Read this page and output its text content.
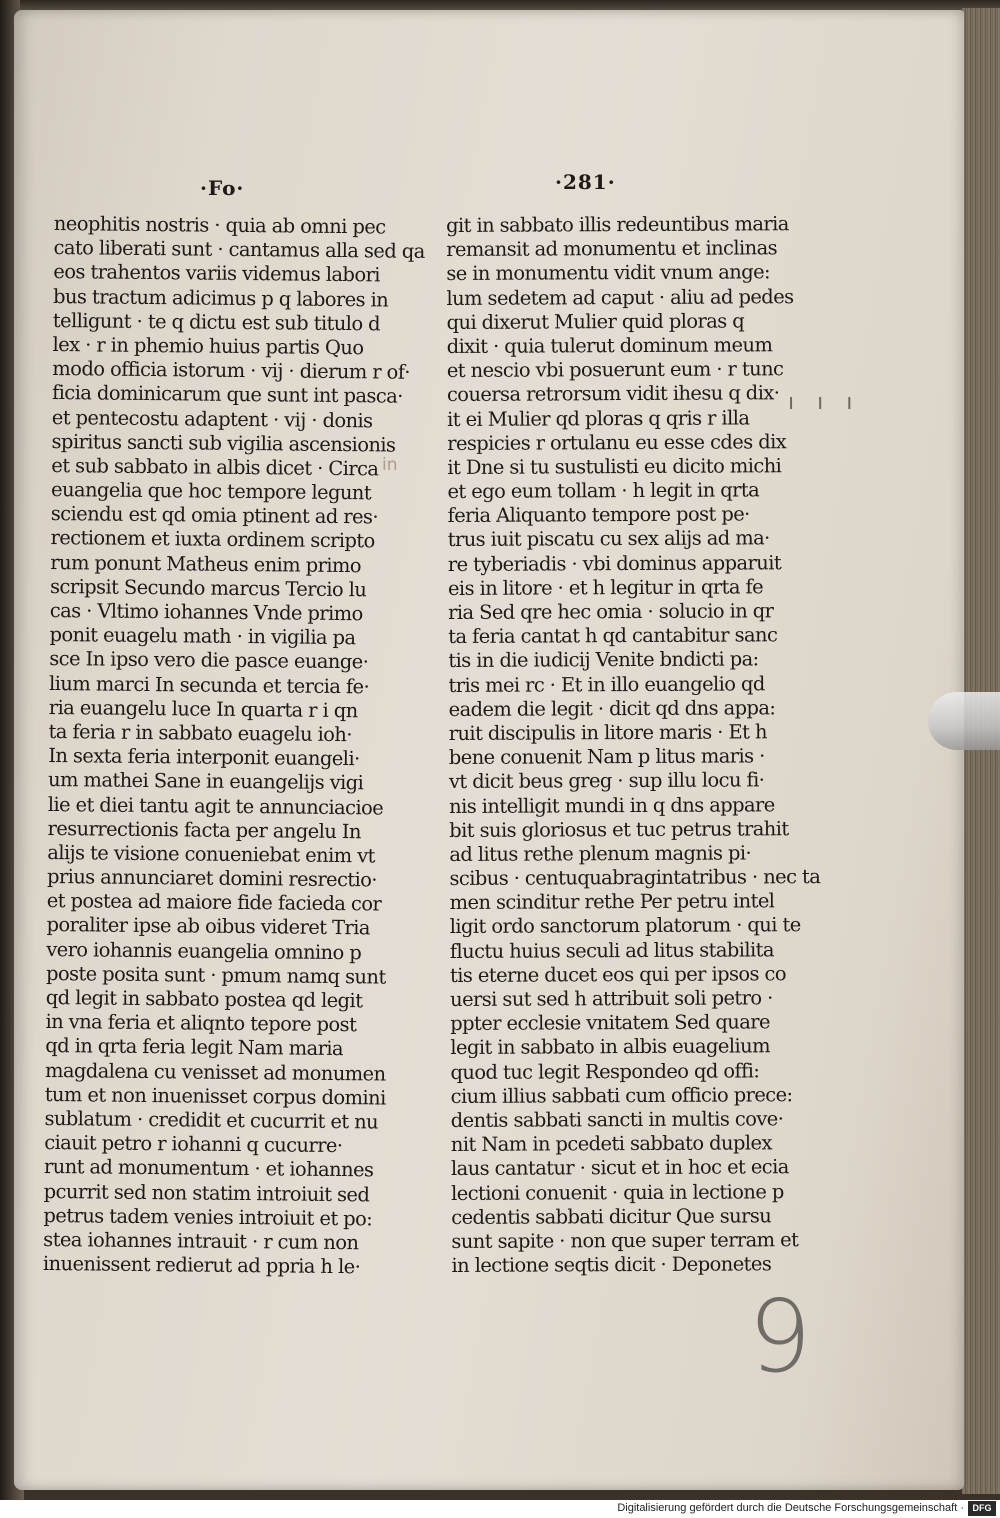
·Fo·	·281·
neophitis nostris · quia ab omni pec
cato liberati sunt · cantamus alla sed qa
eos trahentos variis videmus labori
bus tractum adicimus p q labores in
telligunt · te q dictu est sub titulo d
lex · r in phemio huius partis Quo
modo officia istorum · vij · dierum r of·
ficia dominicarum que sunt int pasca·
et pentecostu adaptent · vij · donis
spiritus sancti sub vigilia ascensionis
et sub sabbato in albis dicet · Circa
euangelia que hoc tempore legunt
sciendu est qd omia ptinent ad res·
rectionem et iuxta ordinem scripto
rum ponunt Matheus enim primo
scripsit Secundo marcus Tercio lu
cas · Vltimo iohannes Vnde primo
ponit euagelu math · in vigilia pa
sce In ipso vero die pasce euange·
lium marci In secunda et tercia fe·
ria euangelu luce In quarta r i qn
ta feria r in sabbato euagelu ioh·
In sexta feria interponit euangeli·
um mathei Sane in euangelijs vigi
lie et diei tantu agit te annunciacioe
resurrectionis facta per angelu In
alijs te visione conueniebat enim vt
prius annunciaret domini resrectio·
et postea ad maiore fide facieda cor
poraliter ipse ab oibus videret Tria
vero iohannis euangelia omnino p
poste posita sunt · pmum namq sunt
qd legit in sabbato postea qd legit
in vna feria et aliqnto tepore post
qd in qrta feria legit Nam maria
magdalena cu venisset ad monumen
tum et non inuenisset corpus domini
sublatum · credidit et cucurrit et nu
ciauit petro r iohanni q cucurre·
runt ad monumentum · et iohannes
pcurrit sed non statim introiuit sed
petrus tadem venies introiuit et po:
stea iohannes intrauit · r cum non
inuenissent redierut ad ppria h le·
git in sabbato illis redeuntibus maria
remansit ad monumentu et inclinas
se in monumentu vidit vnum ange:
lum sedetem ad caput · aliu ad pedes
qui dixerut Mulier quid ploras q
dixit · quia tulerut dominum meum
et nescio vbi posuerunt eum · r tunc
couersa retrorsum vidit ihesu q dix·
it ei Mulier qd ploras q qris r illa
respicies r ortulanu eu esse cdes dix
it Dne si tu sustulisti eu dicito michi
et ego eum tollam · h legit in qrta
feria Aliquanto tempore post pe·
trus iuit piscatu cu sex alijs ad ma·
re tyberiadis · vbi dominus apparuit
eis in litore · et h legitur in qrta fe
ria Sed qre hec omia · solucio in qr
ta feria cantat h qd cantabitur sanc
tis in die iudicij Venite bndicti pa:
tris mei rc · Et in illo euangelio qd
eadem die legit · dicit qd dns appa:
ruit discipulis in litore maris · Et h
bene conuenit Nam p litus maris ·
vt dicit beus greg · sup illu locu fi·
nis intelligit mundi in q dns appare
bit suis gloriosus et tuc petrus trahit
ad litus rethe plenum magnis pi·
scibus · centuquabragintatribus · nec ta
men scinditur rethe Per petru intel
ligit ordo sanctorum platorum · qui te
fluctu huius seculi ad litus stabilita
tis eterne ducet eos qui per ipsos co
uersi sut sed h attribuit soli petro ·
ppter ecclesie vnitatem Sed quare
legit in sabbato in albis euagelium
quod tuc legit Respondeo qd offi:
cium illius sabbati cum officio prece:
dentis sabbati sancti in multis cove·
nit Nam in pcedeti sabbato duplex
laus cantatur · sicut et in hoc et ecia
lectioni conuenit · quia in lectione p
cedentis sabbati dicitur Que sursu
sunt sapite · non que super terram et
in lectione seqtis dicit · Deponetes
in
ı ı ı
9
Digitalisierung gefördert durch die Deutsche Forschungsgemeinschaft · DFG
